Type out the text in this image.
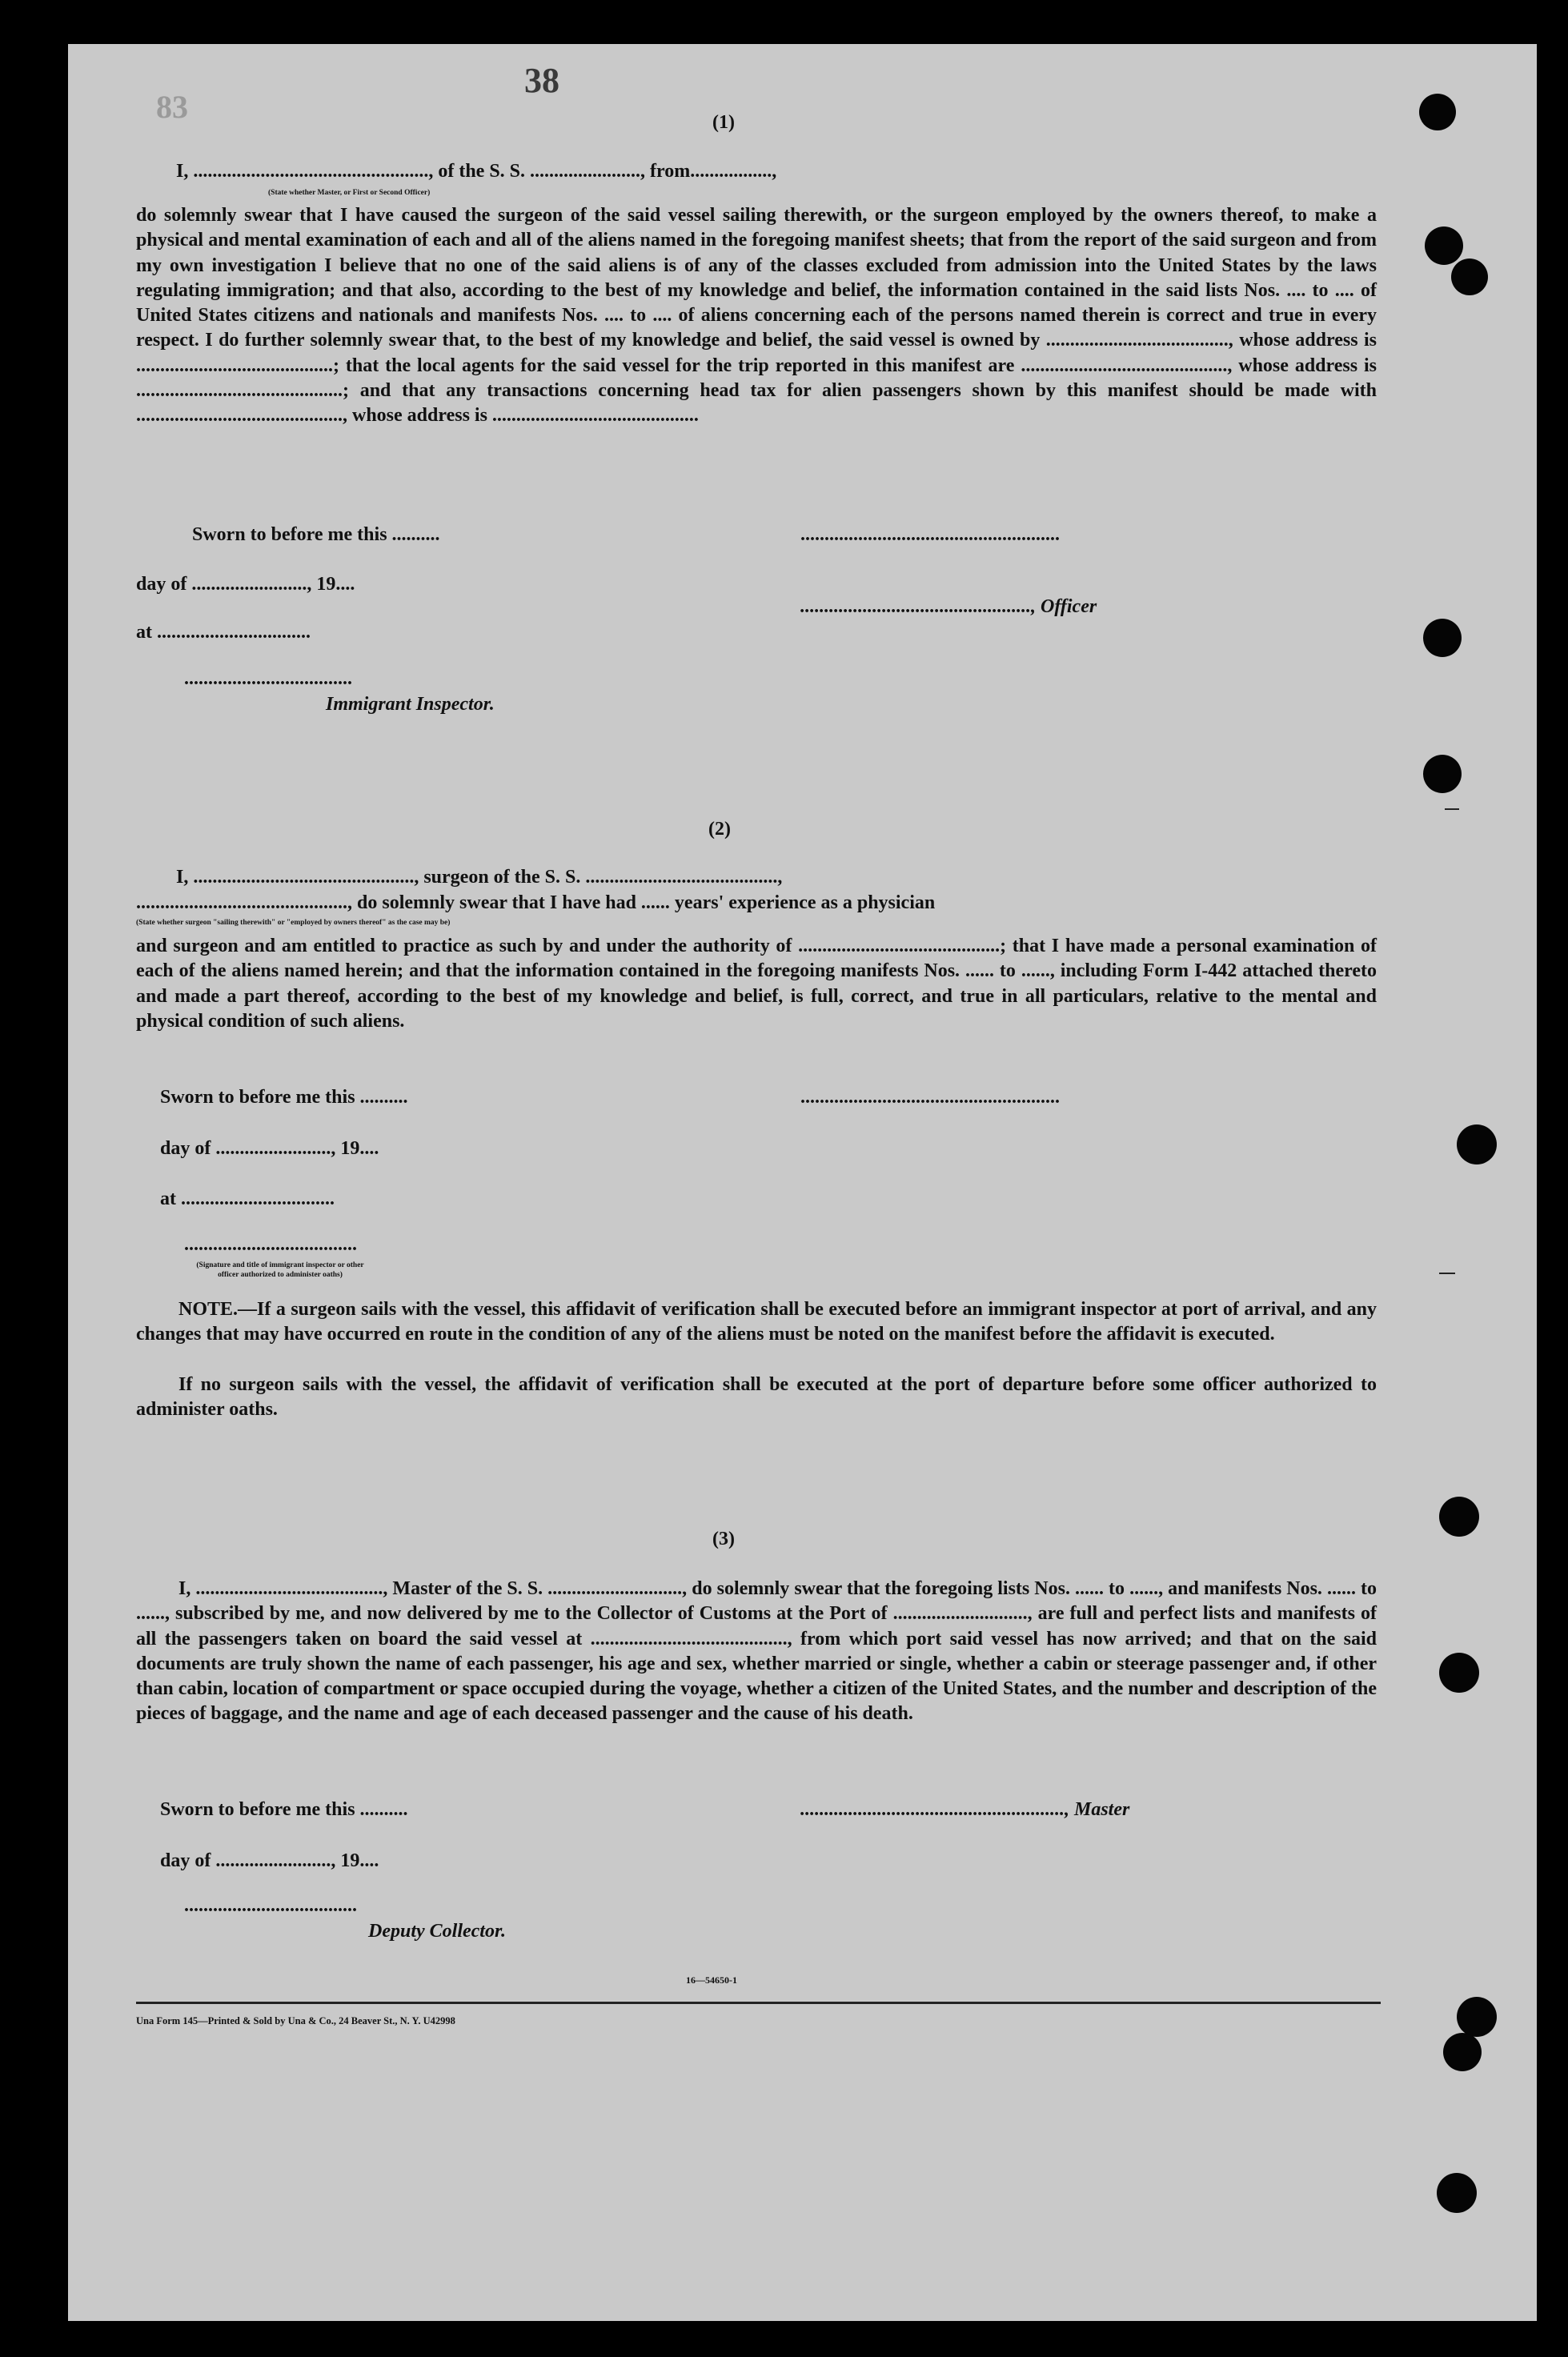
38
83	(1)
I, ................................................., of the S. S. ......................., from.................,
(State whether Master, or First or Second Officer)

do solemnly swear that I have caused the surgeon of the said vessel sailing therewith, or the surgeon employed by the owners thereof, to make a physical and mental examination of each and all of the aliens named in the foregoing manifest sheets; that from the report of the said surgeon and from my own investigation I believe that no one of the said aliens is of any of the classes excluded from admission into the United States by the laws regulating immigration; and that also, according to the best of my knowledge and belief, the information contained in the said lists Nos. .... to .... of United States citizens and nationals and manifests Nos. .... to .... of aliens concerning each of the persons named therein is correct and true in every respect. I do further solemnly swear that, to the best of my knowledge and belief, the said vessel is owned by ......................................, whose address is .........................................; that the local agents for the said vessel for the trip reported in this manifest are ..........................................., whose address is ...........................................; and that any transactions concerning head tax for alien passengers shown by this manifest should be made with ..........................................., whose address is ...........................................

Sworn to before me this ..........	......................................................
day of ........................, 19....
................................................, Officer
at ................................
...................................
Immigrant Inspector.
(2)
I, .............................................., surgeon of the S. S. ........................................,
............................................, do solemnly swear that I have had ...... years' experience as a physician
(State whether surgeon "sailing therewith" or "employed by owners thereof" as the case may be)

and surgeon and am entitled to practice as such by and under the authority of ..........................................; that I have made a personal examination of each of the aliens named herein; and that the information contained in the foregoing manifests Nos. ...... to ......, including Form I-442 attached thereto and made a part thereof, according to the best of my knowledge and belief, is full, correct, and true in all particulars, relative to the mental and physical condition of such aliens.

Sworn to before me this ..........	......................................................
day of ........................, 19....
at ................................
....................................
(Signature and title of immigrant inspector or other officer authorized to administer oaths)

NOTE.—If a surgeon sails with the vessel, this affidavit of verification shall be executed before an immigrant inspector at port of arrival, and any changes that may have occurred en route in the condition of any of the aliens must be noted on the manifest before the affidavit is executed.

If no surgeon sails with the vessel, the affidavit of verification shall be executed at the port of departure before some officer authorized to administer oaths.

(3)

I, ......................................., Master of the S. S. ............................, do solemnly swear that the foregoing lists Nos. ...... to ......, and manifests Nos. ...... to ......, subscribed by me, and now delivered by me to the Collector of Customs at the Port of ............................, are full and perfect lists and manifests of all the passengers taken on board the said vessel at ........................................., from which port said vessel has now arrived; and that on the said documents are truly shown the name of each passenger, his age and sex, whether married or single, whether a cabin or steerage passenger and, if other than cabin, location of compartment or space occupied during the voyage, whether a citizen of the United States, and the number and description of the pieces of baggage, and the name and age of each deceased passenger and the cause of his death.

Sworn to before me this ..........	......................................................., Master
day of ........................, 19....
....................................
Deputy Collector.
16—54650-1
Una Form 145—Printed & Sold by Una & Co., 24 Beaver St., N. Y. U42998
